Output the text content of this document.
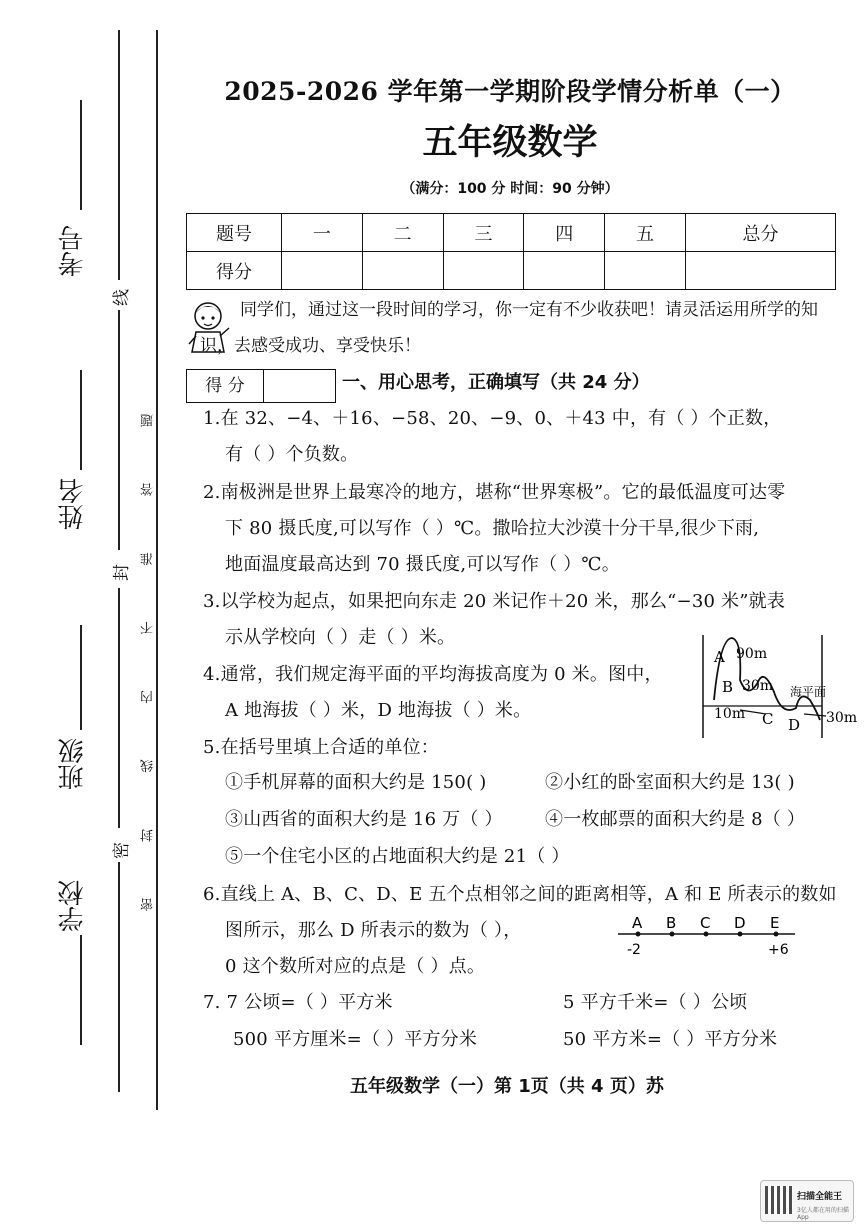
考号
姓名
班级
学校
线
封
密 密 封 线 内 不 准 答 题
2025-2026 学年第一学期阶段学情分析单（一）
五年级数学
（满分：100 分 时间：90 分钟）
题号	一	二	三	四	五	总分
得分						
同学们，通过这一段时间的学习，你一定有不少收获吧！请灵活运用所学的知识，去感受成功、享受快乐！
得 分	一、用心思考，正确填写（共 24 分）
1.在 32、−4、＋16、−58、20、−9、0、＋43 中，有（ ）个正数，
有（ ）个负数。
2.南极洲是世界上最寒冷的地方，堪称“世界寒极”。它的最低温度可达零
下 80 摄氏度,可以写作（ ）℃。撒哈拉大沙漠十分干旱,很少下雨,
地面温度最高达到 70 摄氏度,可以写作（ ）℃。
3.以学校为起点，如果把向东走 20 米记作＋20 米，那么“−30 米”就表
示从学校向（ ）走（ ）米。
4.通常，我们规定海平面的平均海拔高度为 0 米。图中，
A 地海拔（ ）米，D 地海拔（ ）米。
A 90m
B 30m 海平面
10m C D 30m
5.在括号里填上合适的单位：
①手机屏幕的面积大约是 150( )	②小红的卧室面积大约是 13( )
③山西省的面积大约是 16 万（ ） ④一枚邮票的面积大约是 8（ ）
⑤一个住宅小区的占地面积大约是 21（ ）
6.直线上 A、B、C、D、E 五个点相邻之间的距离相等，A 和 E 所表示的数如
图所示，那么 D 所表示的数为（ ），
0 这个数所对应的点是（ ）点。
A B C D E
-2	+6
7. 7 公顷=（ ）平方米	5 平方千米=（ ）公顷
500 平方厘米=（ ）平方分米	50 平方米=（ ）平方分米
五年级数学（一）第 1页（共 4 页）苏
扫描全能王
3亿人都在用的扫描App
